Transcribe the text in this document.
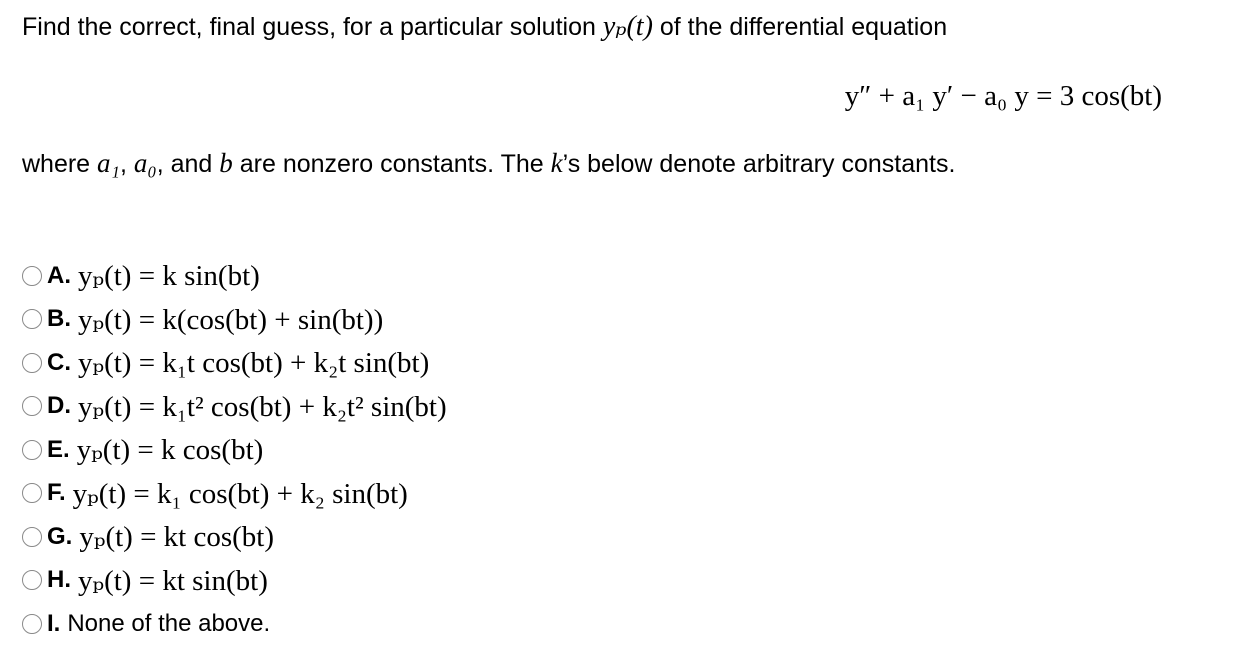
Find the correct, final guess, for a particular solution yₚ(t) of the differential equation
y″ + a₁ y′ − a₀ y = 3 cos(bt)
where a₁, a₀, and b are nonzero constants. The k’s below denote arbitrary constants.
A. yₚ(t) = k sin(bt)
B. yₚ(t) = k(cos(bt) + sin(bt))
C. yₚ(t) = k₁t cos(bt) + k₂t sin(bt)
D. yₚ(t) = k₁t² cos(bt) + k₂t² sin(bt)
E. yₚ(t) = k cos(bt)
F. yₚ(t) = k₁ cos(bt) + k₂ sin(bt)
G. yₚ(t) = kt cos(bt)
H. yₚ(t) = kt sin(bt)
I. None of the above.
